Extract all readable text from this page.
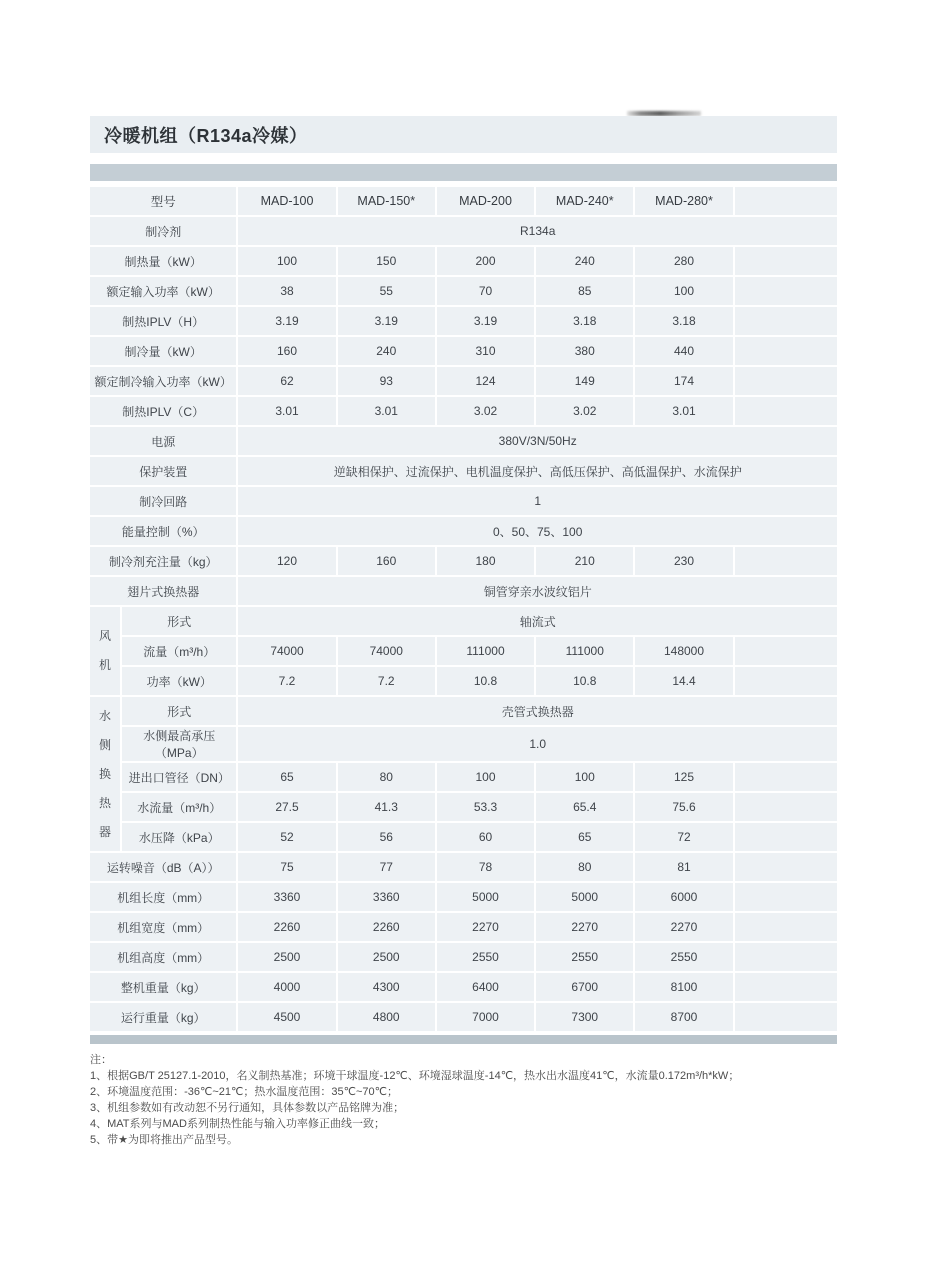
冷暖机组（R134a冷媒）
型号		MAD-100	MAD-150*	MAD-200	MAD-240*	MAD-280*	
制冷剂		R134a					
制热量（kW）		100	150	200	240	280	
额定输入功率（kW）		38	55	70	85	100	
制热IPLV（H）		3.19	3.19	3.19	3.18	3.18	
制冷量（kW）		160	240	310	380	440	
额定制冷输入功率（kW）		62	93	124	149	174	
制热IPLV（C）		3.01	3.01	3.02	3.02	3.01	
电源		380V/3N/50Hz					
保护装置		逆缺相保护、过流保护、电机温度保护、高低压保护、高低温保护、水流保护					
制冷回路		1					
能量控制（%）		0、50、75、100					
制冷剂充注量（kg）		120	160	180	210	230	
翅片式换热器		铜管穿亲水波纹铝片					

风机	形式	轴流式					
	流量（m³/h）	74000	74000	111000	111000	148000	
	功率（kW）	7.2	7.2	10.8	10.8	14.4	

水侧换热器	形式	壳管式换热器					
	水侧最高承压（MPa）	1.0					
	进出口管径（DN）	65	80	100	100	125	
	水流量（m³/h）	27.5	41.3	53.3	65.4	75.6	
	水压降（kPa）	52	56	60	65	72	
运转噪音（dB（A））		75	77	78	80	81	
机组长度（mm）		3360	3360	5000	5000	6000	
机组宽度（mm）		2260	2260	2270	2270	2270	
机组高度（mm）		2500	2500	2550	2550	2550	
整机重量（kg）		4000	4300	6400	6700	8100	
运行重量（kg）		4500	4800	7000	7300	8700	
注：
1、根据GB/T 25127.1-2010，名义制热基准；环境干球温度-12℃、环境湿球温度-14℃，热水出水温度41℃，水流量0.172m³/h*kW；
2、环境温度范围：-36℃~21℃；热水温度范围：35℃~70℃；
3、机组参数如有改动恕不另行通知，具体参数以产品铭牌为准；
4、MAT系列与MAD系列制热性能与输入功率修正曲线一致；
5、带★为即将推出产品型号。
